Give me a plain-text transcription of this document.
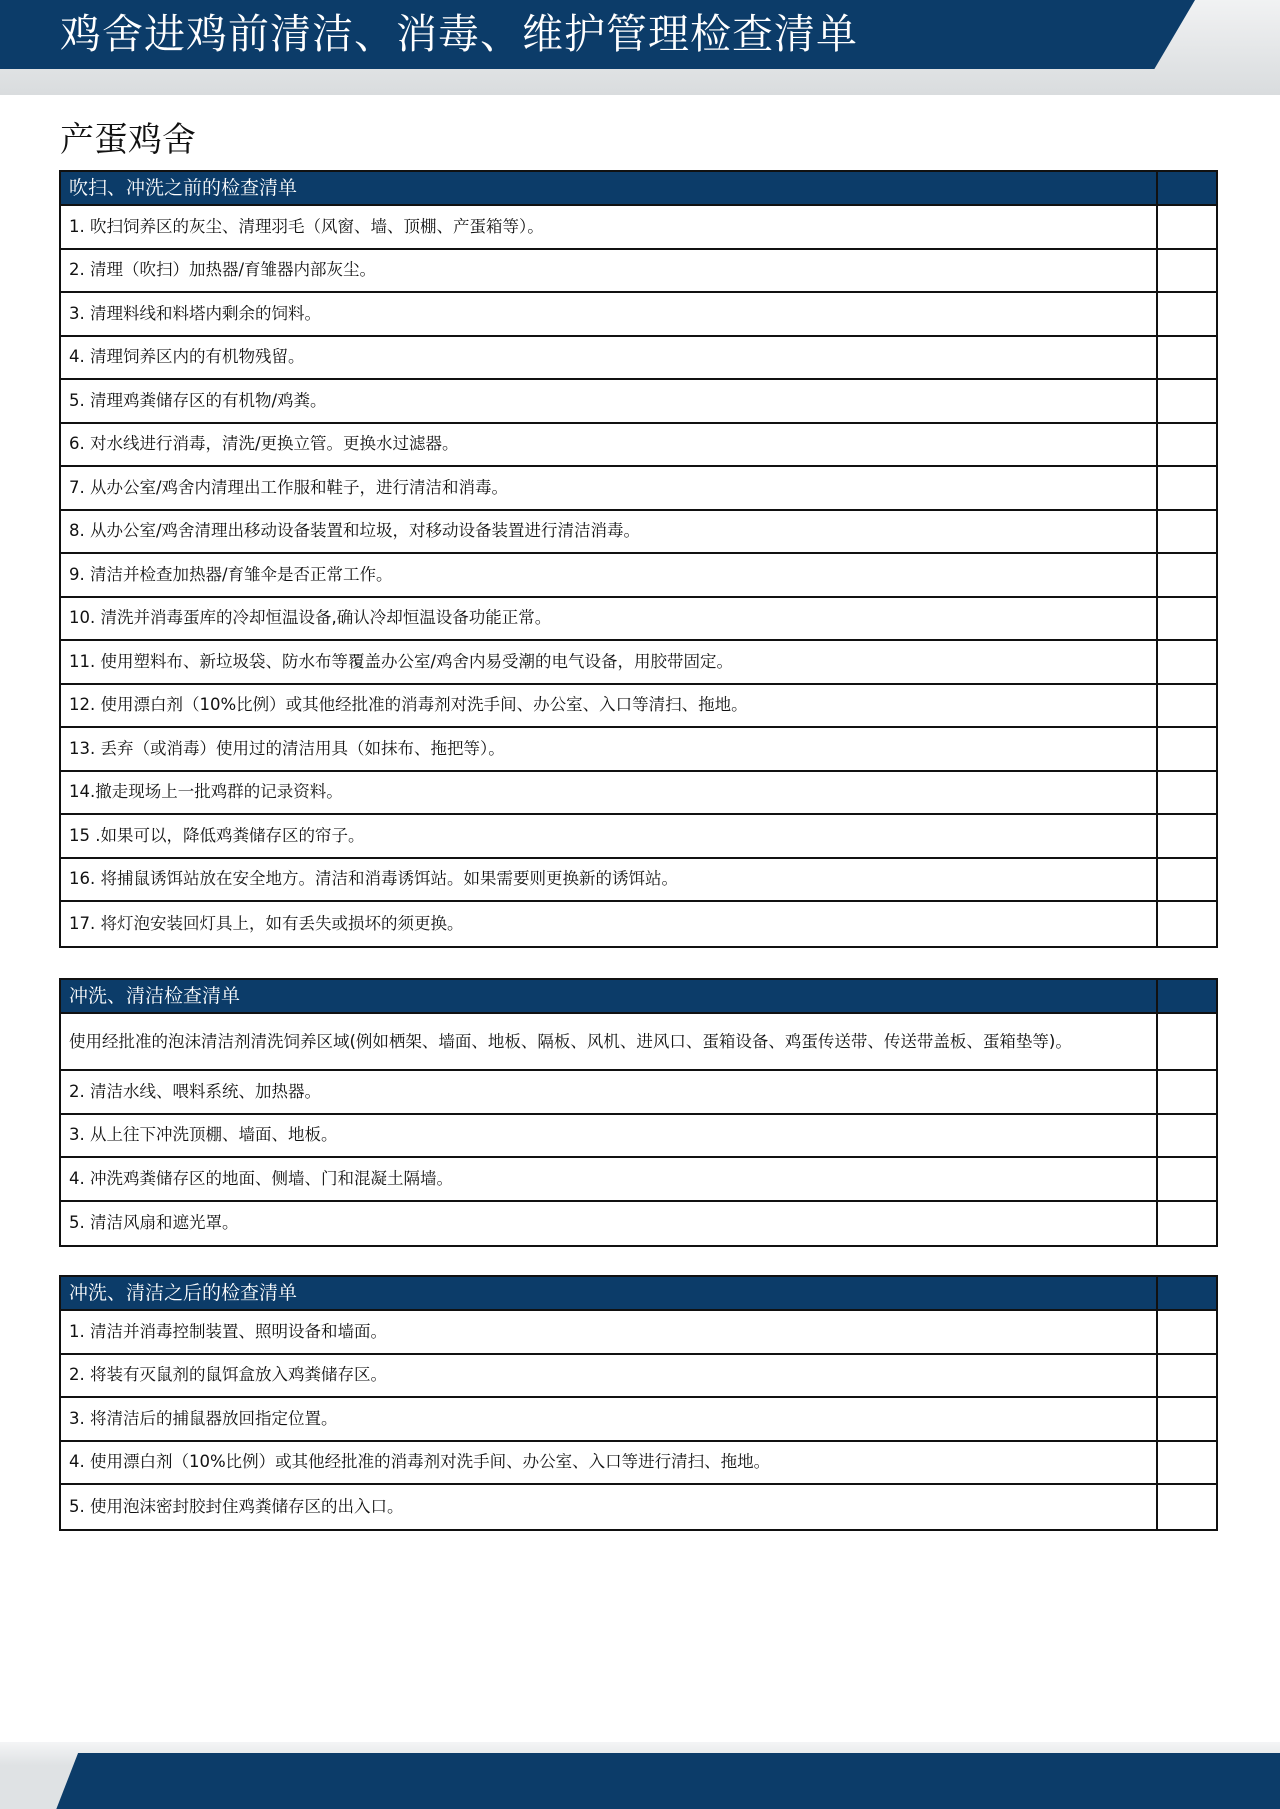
鸡舍进鸡前清洁、消毒、维护管理检查清单
产蛋鸡舍
吹扫、冲洗之前的检查清单
1. 吹扫饲养区的灰尘、清理羽毛（风窗、墙、顶棚、产蛋箱等）。
2. 清理（吹扫）加热器/育雏器内部灰尘。
3. 清理料线和料塔内剩余的饲料。
4. 清理饲养区内的有机物残留。
5. 清理鸡粪储存区的有机物/鸡粪。
6. 对水线进行消毒，清洗/更换立管。更换水过滤器。
7. 从办公室/鸡舍内清理出工作服和鞋子，进行清洁和消毒。
8. 从办公室/鸡舍清理出移动设备装置和垃圾，对移动设备装置进行清洁消毒。
9. 清洁并检查加热器/育雏伞是否正常工作。
10. 清洗并消毒蛋库的冷却恒温设备,确认冷却恒温设备功能正常。
11. 使用塑料布、新垃圾袋、防水布等覆盖办公室/鸡舍内易受潮的电气设备，用胶带固定。
12. 使用漂白剂（10%比例）或其他经批准的消毒剂对洗手间、办公室、入口等清扫、拖地。
13. 丢弃（或消毒）使用过的清洁用具（如抹布、拖把等）。
14.撤走现场上一批鸡群的记录资料。
15 .如果可以，降低鸡粪储存区的帘子。
16. 将捕鼠诱饵站放在安全地方。清洁和消毒诱饵站。如果需要则更换新的诱饵站。
17. 将灯泡安装回灯具上，如有丢失或损坏的须更换。
冲洗、清洁检查清单
使用经批准的泡沫清洁剂清洗饲养区域(例如栖架、墙面、地板、隔板、风机、进风口、蛋箱设备、鸡蛋传送带、传送带盖板、蛋箱垫等)。
2. 清洁水线、喂料系统、加热器。
3. 从上往下冲洗顶棚、墙面、地板。
4. 冲洗鸡粪储存区的地面、侧墙、门和混凝土隔墙。
5. 清洁风扇和遮光罩。
冲洗、清洁之后的检查清单
1. 清洁并消毒控制装置、照明设备和墙面。
2. 将装有灭鼠剂的鼠饵盒放入鸡粪储存区。
3. 将清洁后的捕鼠器放回指定位置。
4. 使用漂白剂（10%比例）或其他经批准的消毒剂对洗手间、办公室、入口等进行清扫、拖地。
5. 使用泡沫密封胶封住鸡粪储存区的出入口。
